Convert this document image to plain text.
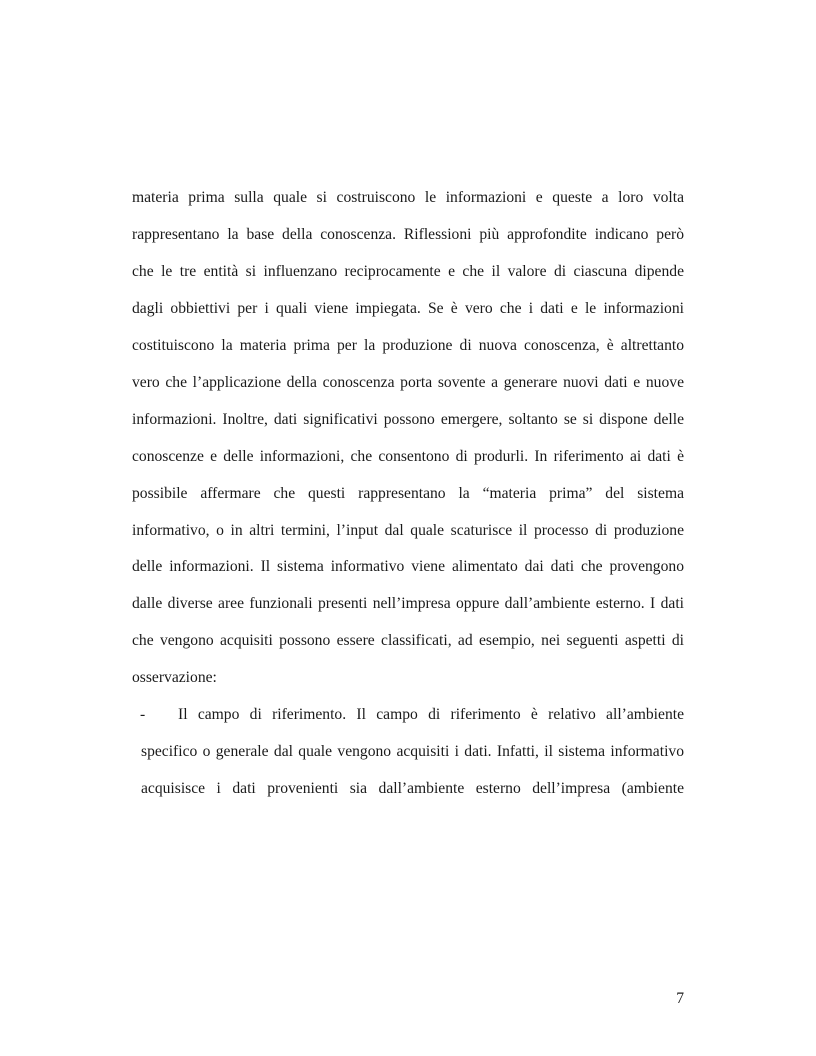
materia prima sulla quale si costruiscono le informazioni e queste a loro volta
rappresentano la base della conoscenza. Riflessioni più approfondite indicano però
che le tre entità si influenzano reciprocamente e che il valore di ciascuna dipende
dagli obbiettivi per i quali viene impiegata. Se è vero che i dati e le informazioni
costituiscono la materia prima per la produzione di nuova conoscenza, è altrettanto
vero che l’applicazione della conoscenza porta sovente a generare nuovi dati e nuove
informazioni. Inoltre, dati significativi possono emergere, soltanto se si dispone delle
conoscenze e delle informazioni, che consentono di produrli. In riferimento ai dati è
possibile affermare che questi rappresentano la “materia prima” del sistema
informativo, o in altri termini, l’input dal quale scaturisce il processo di produzione
delle informazioni. Il sistema informativo viene alimentato dai dati che provengono
dalle diverse aree funzionali presenti nell’impresa oppure dall’ambiente esterno. I dati
che vengono acquisiti possono essere classificati, ad esempio, nei seguenti aspetti di
osservazione:
- Il campo di riferimento. Il campo di riferimento è relativo all’ambiente
specifico o generale dal quale vengono acquisiti i dati. Infatti, il sistema informativo
acquisisce i dati provenienti sia dall’ambiente esterno dell’impresa (ambiente
7
